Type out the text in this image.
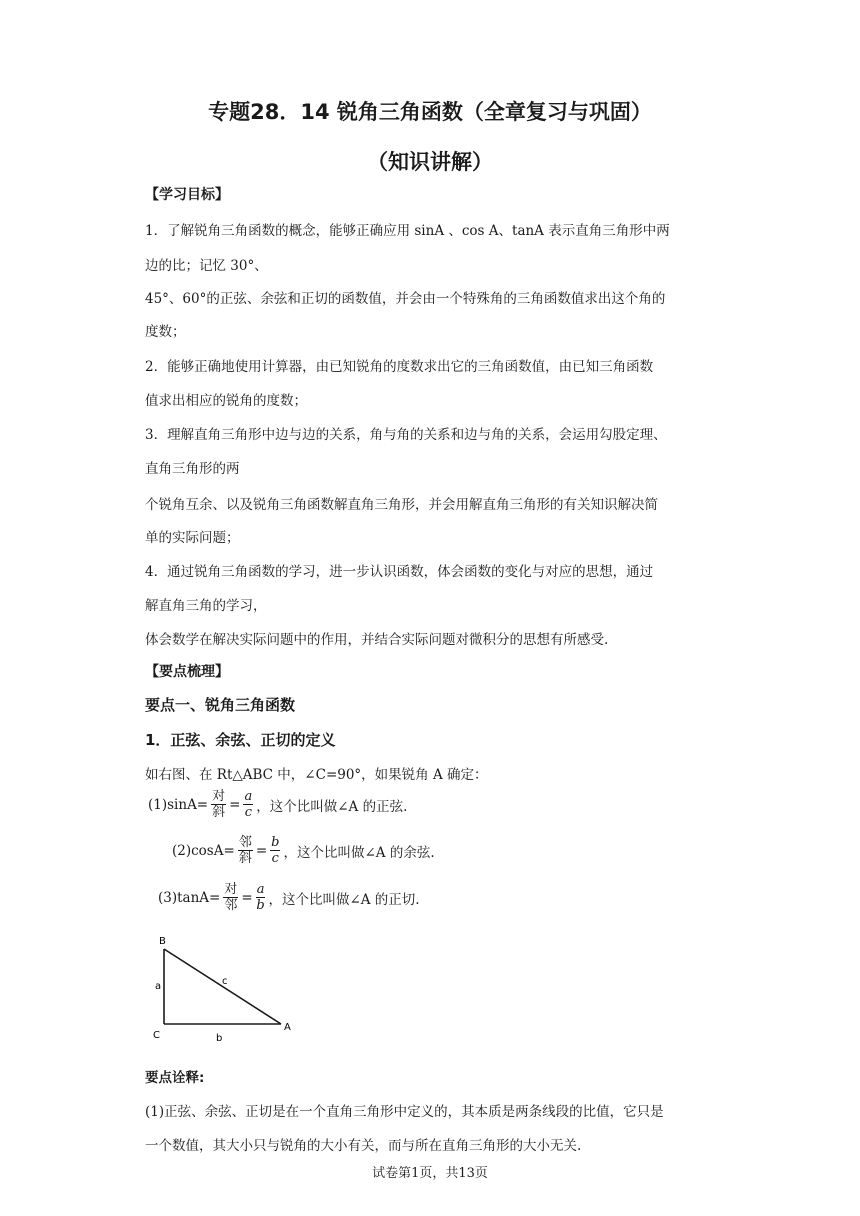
专题28．14 锐角三角函数（全章复习与巩固）
（知识讲解）
【学习目标】
1．了解锐角三角函数的概念，能够正确应用 sinA 、cos A、tanA 表示直角三角形中两
边的比；记忆 30°、
45°、60°的正弦、余弦和正切的函数值，并会由一个特殊角的三角函数值求出这个角的
度数；
2．能够正确地使用计算器，由已知锐角的度数求出它的三角函数值，由已知三角函数
值求出相应的锐角的度数；
3．理解直角三角形中边与边的关系，角与角的关系和边与角的关系，会运用勾股定理、
直角三角形的两
个锐角互余、以及锐角三角函数解直角三角形，并会用解直角三角形的有关知识解决简
单的实际问题；
4．通过锐角三角函数的学习，进一步认识函数，体会函数的变化与对应的思想，通过
解直角三角的学习，
体会数学在解决实际问题中的作用，并结合实际问题对微积分的思想有所感受.
【要点梳理】
要点一、锐角三角函数
1．正弦、余弦、正切的定义
如右图、在 Rt△ABC 中，∠C=90°，如果锐角 A 确定：
$(1)\sin A= \frac{\text{对}}{\text{斜}} = \frac{a}{c}$ ，这个比叫做∠A 的正弦.
$(2)\cos A= \frac{\text{邻}}{\text{斜}} = \frac{b}{c}$ ，这个比叫做∠A 的余弦.
$(3)\tan A= \frac{\text{对}}{\text{邻}} = \frac{a}{b}$ ，这个比叫做∠A 的正切.
B
C
A
a
b
c
要点诠释:
(1)正弦、余弦、正切是在一个直角三角形中定义的，其本质是两条线段的比值，它只是
一个数值，其大小只与锐角的大小有关，而与所在直角三角形的大小无关.
试卷第1页，共13页
